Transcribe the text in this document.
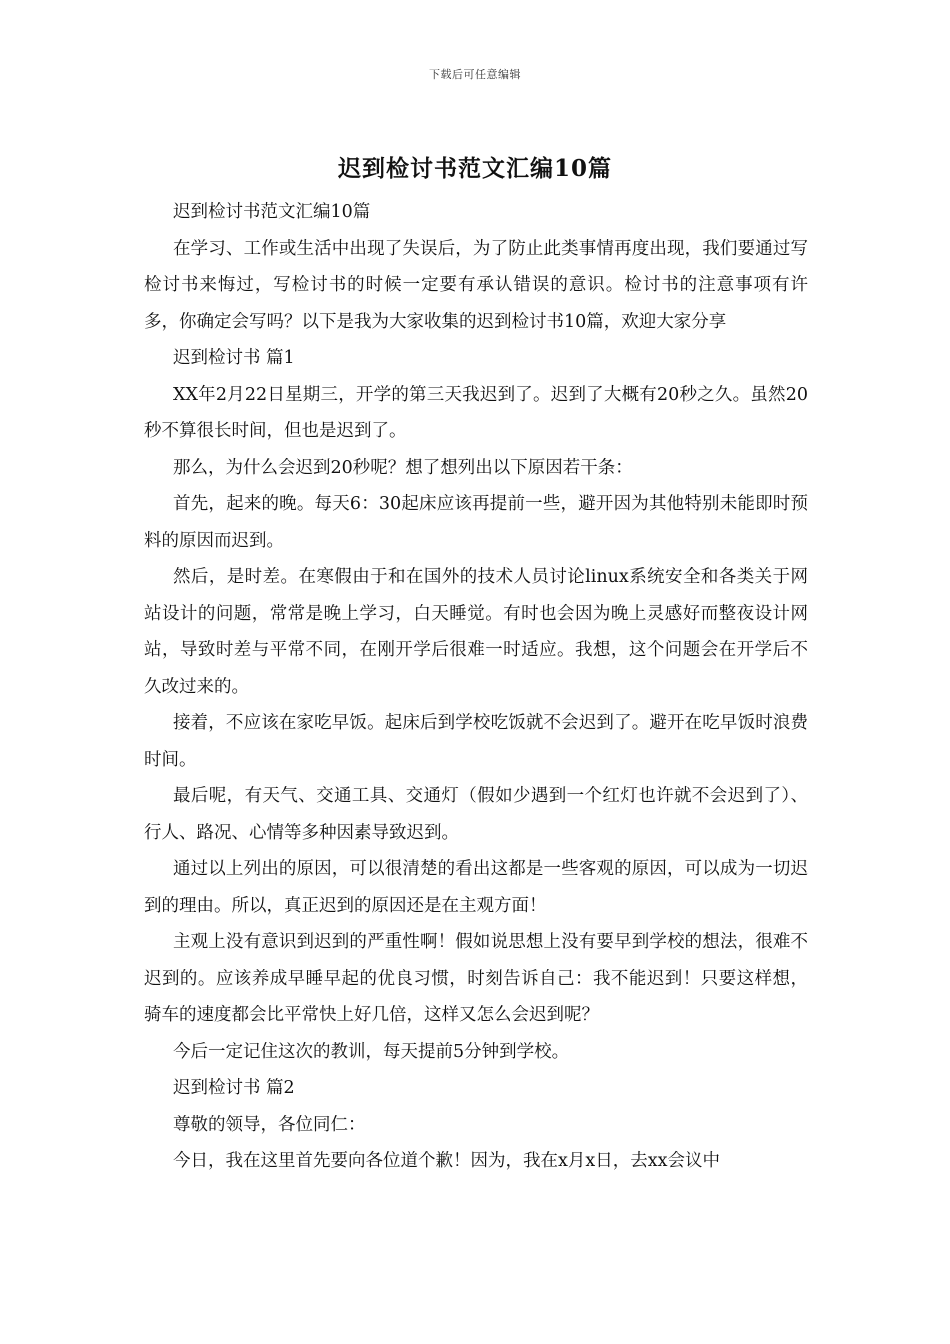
下载后可任意编辑
迟到检讨书范文汇编10篇

迟到检讨书范文汇编10篇

在学习、工作或生活中出现了失误后，为了防止此类事情再度出现，我们要通过写检讨书来悔过，写检讨书的时候一定要有承认错误的意识。检讨书的注意事项有许多，你确定会写吗？以下是我为大家收集的迟到检讨书10篇，欢迎大家分享

迟到检讨书 篇1

XX年2月22日星期三，开学的第三天我迟到了。迟到了大概有20秒之久。虽然20秒不算很长时间，但也是迟到了。

那么，为什么会迟到20秒呢？想了想列出以下原因若干条：

首先，起来的晚。每天6：30起床应该再提前一些，避开因为其他特别未能即时预料的原因而迟到。

然后，是时差。在寒假由于和在国外的技术人员讨论linux系统安全和各类关于网站设计的问题，常常是晚上学习，白天睡觉。有时也会因为晚上灵感好而整夜设计网站，导致时差与平常不同，在刚开学后很难一时适应。我想，这个问题会在开学后不久改过来的。

接着，不应该在家吃早饭。起床后到学校吃饭就不会迟到了。避开在吃早饭时浪费时间。

最后呢，有天气、交通工具、交通灯（假如少遇到一个红灯也许就不会迟到了）、行人、路况、心情等多种因素导致迟到。

通过以上列出的原因，可以很清楚的看出这都是一些客观的原因，可以成为一切迟到的理由。所以，真正迟到的原因还是在主观方面！

主观上没有意识到迟到的严重性啊！假如说思想上没有要早到学校的想法，很难不迟到的。应该养成早睡早起的优良习惯，时刻告诉自己：我不能迟到！只要这样想，骑车的速度都会比平常快上好几倍，这样又怎么会迟到呢？

今后一定记住这次的教训，每天提前5分钟到学校。

迟到检讨书 篇2

尊敬的领导，各位同仁：

今日，我在这里首先要向各位道个歉！因为，我在x月x日，去xx会议中
